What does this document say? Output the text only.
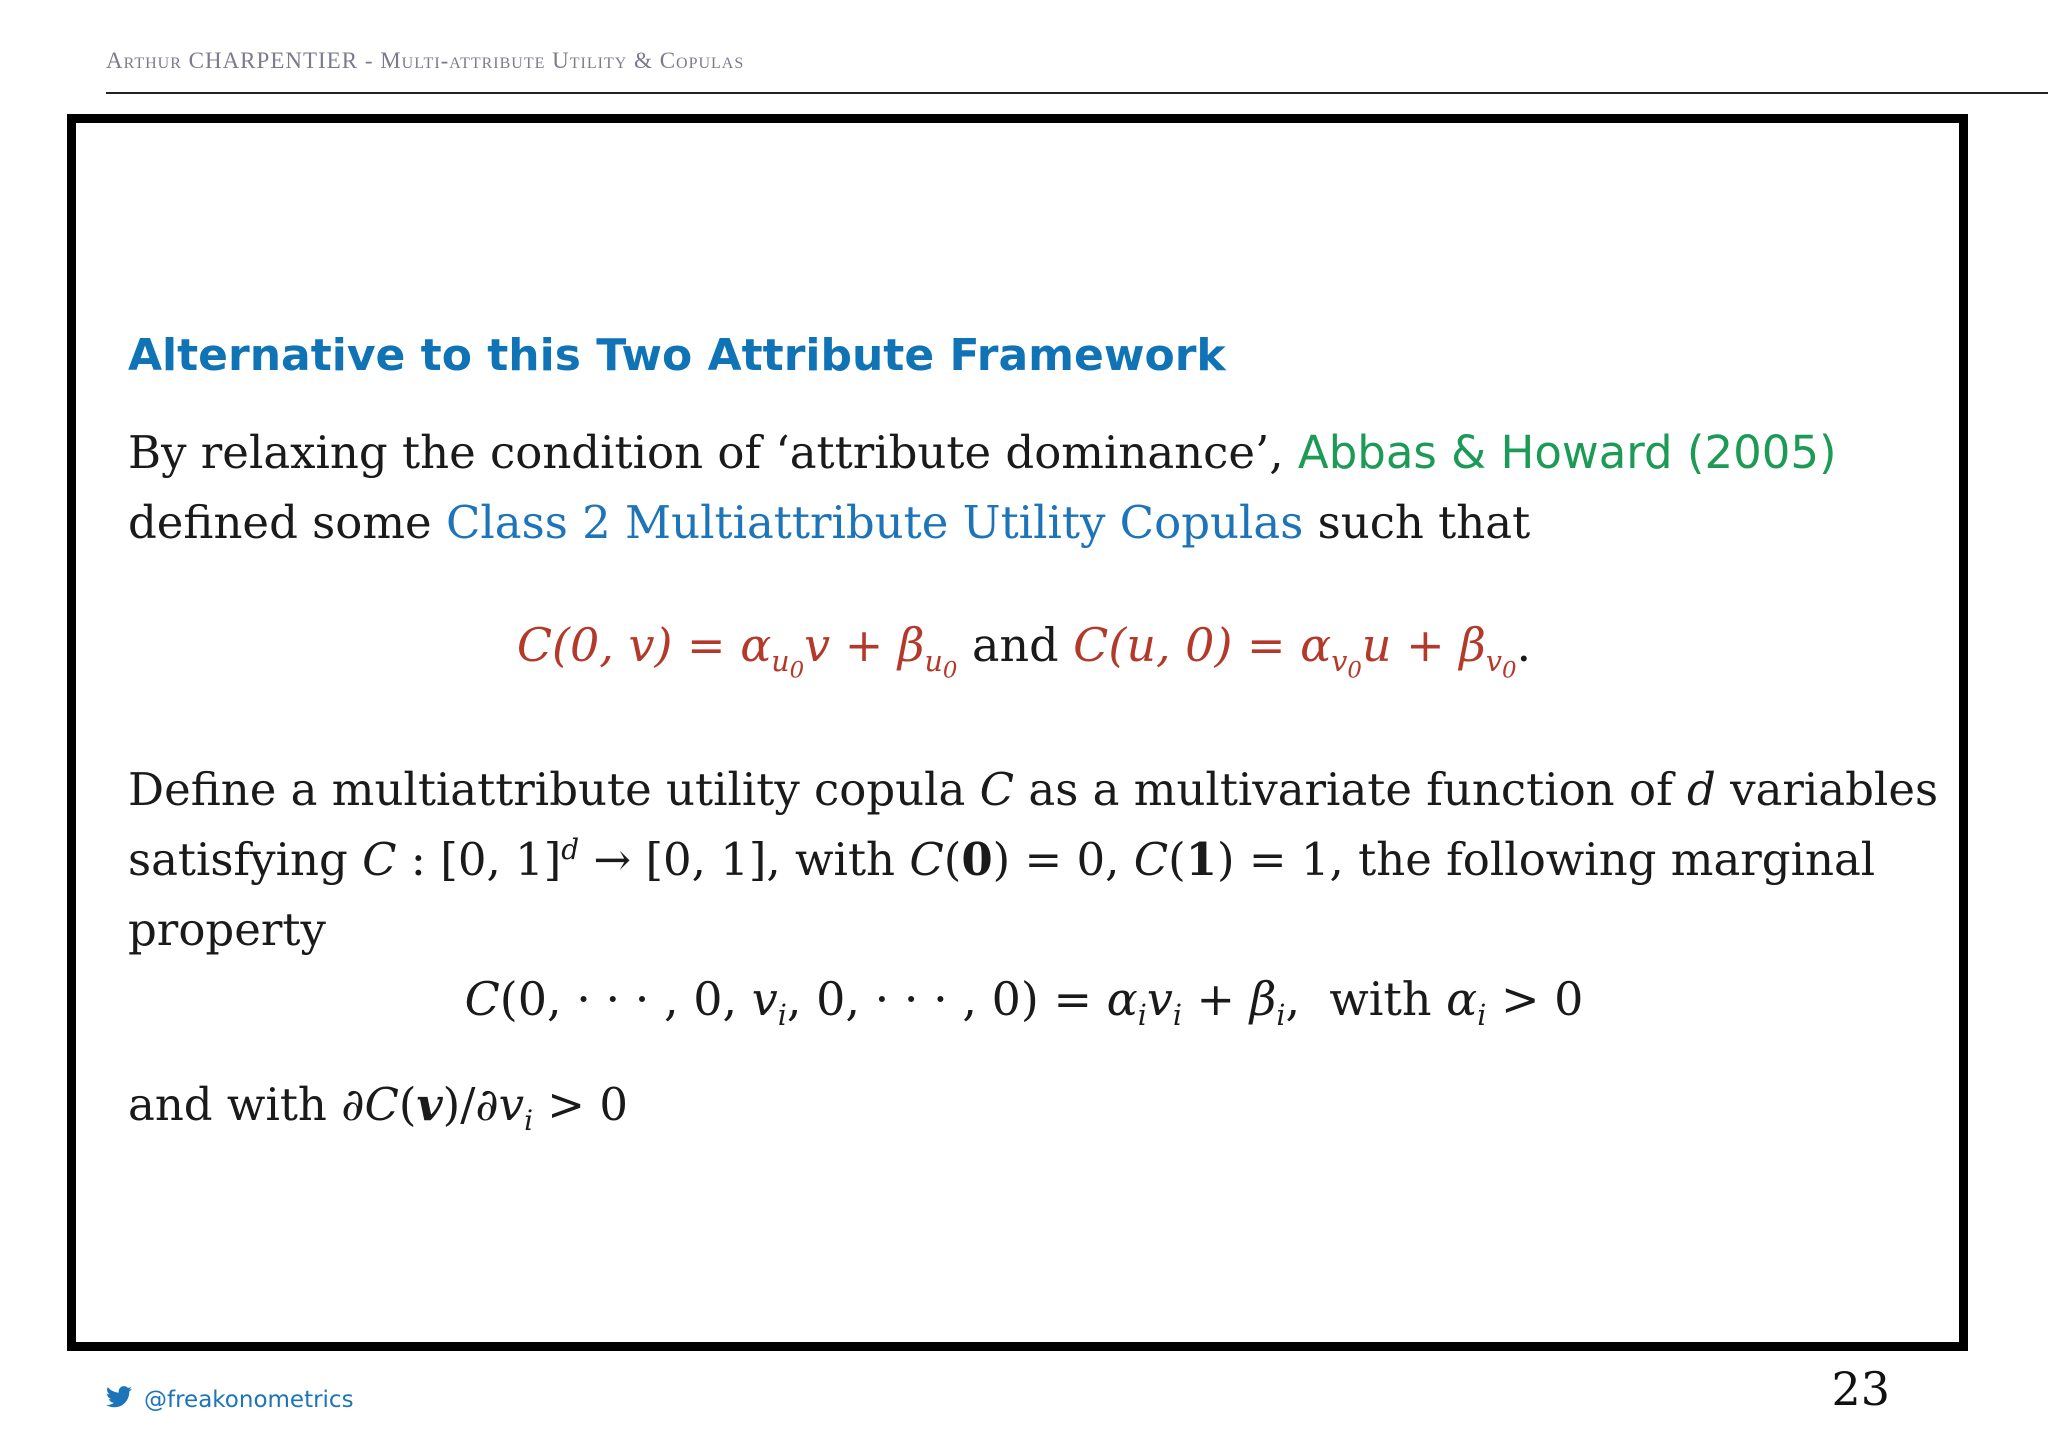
Arthur CHARPENTIER - Multi-attribute Utility & Copulas
Alternative to this Two Attribute Framework
By relaxing the condition of ‘attribute dominance’, Abbas & Howard (2005)
defined some Class 2 Multiattribute Utility Copulas such that
C(0, $v) = \alpha_{u_0}v + \beta_{u_0}$ and C(u, $0) = \alpha_{v_0}u + \beta_{v_0}$.
Define a multiattribute utility copula C as a multivariate function of d variables
satisfying C : [0, 1]$^d$ → [0, 1], with C(0) = 0, C(1) = 1, the following marginal
property
C(0, · · · , 0, $v_i$, 0, · · · , $0) = \alpha_iv_i + \beta_i$,  with $\alpha_i > 0$
and with $\partial C(v)/\partial v_i > 0$
@freakonometrics	23
